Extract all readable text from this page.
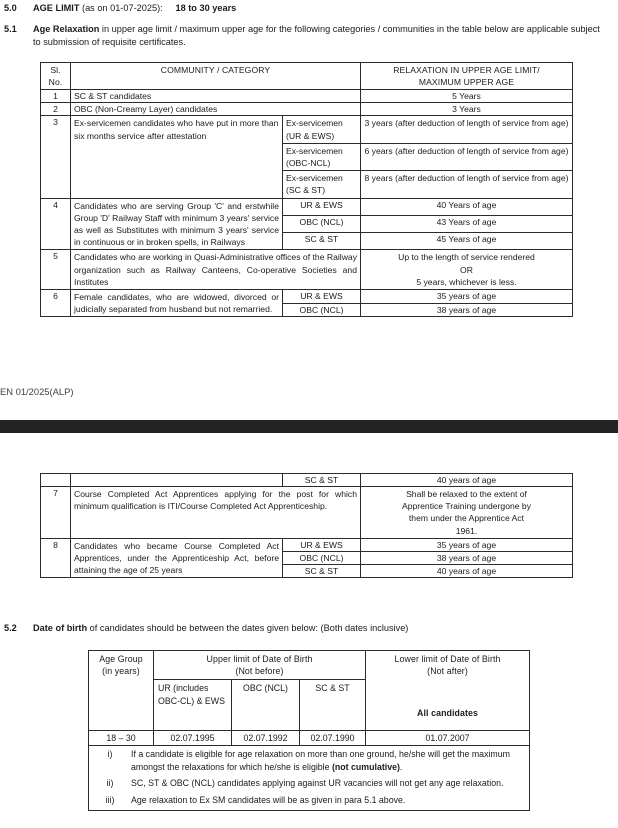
5.0	AGE LIMIT (as on 01-07-2025): 18 to 30 years
5.1	Age Relaxation in upper age limit / maximum upper age for the following categories / communities in the table below are applicable subject to submission of requisite certificates.
Sl.
No.	COMMUNITY / CATEGORY		RELAXATION IN UPPER AGE LIMIT/
MAXIMUM UPPER AGE
1	SC & ST candidates		5 Years
2	OBC (Non-Creamy Layer) candidates		3 Years
3	Ex-servicemen candidates who have put in more than six months service after attestation	Ex-servicemen (UR & EWS)	3 years (after deduction of length of service from age)
		Ex-servicemen (OBC-NCL)	6 years (after deduction of length of service from age)
		Ex-servicemen (SC & ST)	8 years (after deduction of length of service from age)
4	Candidates who are serving Group 'C' and erstwhile Group 'D' Railway Staff with minimum 3 years' service as well as Substitutes with minimum 3 years' service in continuous or in broken spells, in Railways	UR & EWS	40 Years of age
		OBC (NCL)	43 Years of age
		SC & ST	45 Years of age
5	Candidates who are working in Quasi-Administrative offices of the Railway organization such as Railway Canteens, Co-operative Societies and Institutes		Up to the length of service rendered
OR
5 years, whichever is less.
6	Female candidates, who are widowed, divorced or judicially separated from husband but not remarried.	UR & EWS	35 years of age
		OBC (NCL)	38 years of age
EN 01/2025(ALP)
		SC & ST	40 years of age
7	Course Completed Act Apprentices applying for the post for which minimum qualification is ITI/Course Completed Act Apprenticeship.		Shall be relaxed to the extent of
Apprentice Training undergone by
them under the Apprentice Act
1961.
8	Candidates who became Course Completed Act Apprentices, under the Apprenticeship Act, before attaining the age of 25 years	UR & EWS	35 years of age
		OBC (NCL)	38 years of age
		SC & ST	40 years of age
5.2	Date of birth of candidates should be between the dates given below: (Both dates inclusive)
Age Group
(in years)	Upper limit of Date of Birth
(Not before)	Lower limit of Date of Birth
(Not after)
All candidates

UR (includes OBC-CL) & EWS	OBC (NCL)	SC & ST
18 – 30	02.07.1995	02.07.1992	02.07.1990	01.07.2007

i)	If a candidate is eligible for age relaxation on more than one ground, he/she will get the maximum amongst the relaxations for which he/she is eligible (not cumulative).
ii)	SC, ST & OBC (NCL) candidates applying against UR vacancies will not get any age relaxation.
iii)	Age relaxation to Ex SM candidates will be as given in para 5.1 above.
